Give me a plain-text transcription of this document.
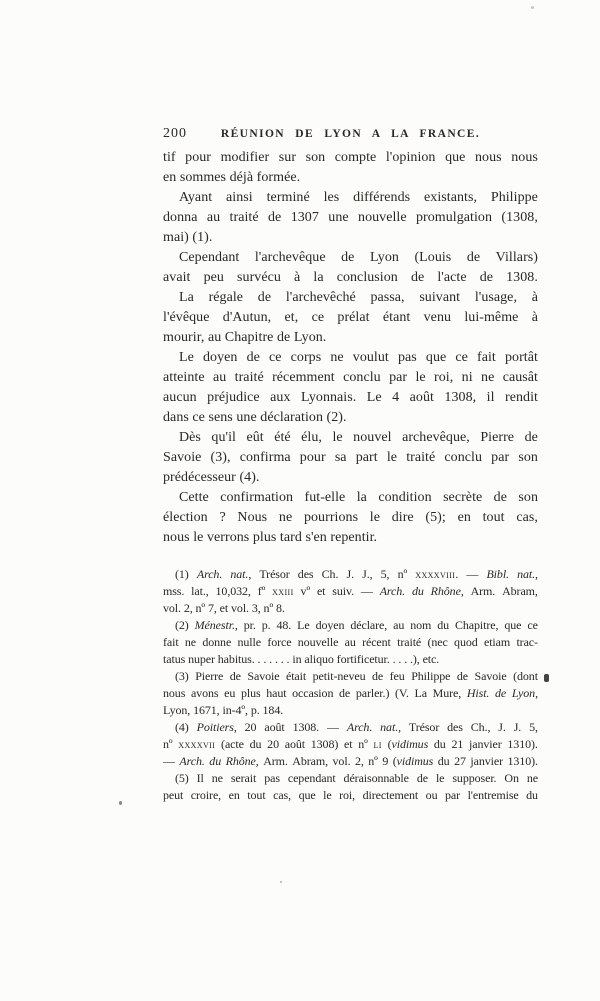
200	RÉUNION DE LYON A LA FRANCE.
tif pour modifier sur son compte l'opinion que nous nous
en sommes déjà formée.
Ayant ainsi terminé les différends existants, Philippe
donna au traité de 1307 une nouvelle promulgation (1308,
mai) (1).
Cependant l'archevêque de Lyon (Louis de Villars)
avait peu survécu à la conclusion de l'acte de 1308.
La régale de l'archevêché passa, suivant l'usage, à
l'évêque d'Autun, et, ce prélat étant venu lui-même à
mourir, au Chapitre de Lyon.
Le doyen de ce corps ne voulut pas que ce fait portât
atteinte au traité récemment conclu par le roi, ni ne causât
aucun préjudice aux Lyonnais. Le 4 août 1308, il rendit
dans ce sens une déclaration (2).
Dès qu'il eût été élu, le nouvel archevêque, Pierre de
Savoie (3), confirma pour sa part le traité conclu par son
prédécesseur (4).
Cette confirmation fut-elle la condition secrète de son
élection ? Nous ne pourrions le dire (5); en tout cas,
nous le verrons plus tard s'en repentir.
(1) Arch. nat., Trésor des Ch. J. J., 5, nº xxxxviii. — Bibl. nat.,
mss. lat., 10,032, fº xxiii vº et suiv. — Arch. du Rhône, Arm. Abram,
vol. 2, nº 7, et vol. 3, nº 8.
(2) Ménestr., pr. p. 48. Le doyen déclare, au nom du Chapitre, que ce
fait ne donne nulle force nouvelle au récent traité (nec quod etiam trac-
tatus nuper habitus. . . . . . . in aliquo fortificetur. . . . .), etc.
(3) Pierre de Savoie était petit-neveu de feu Philippe de Savoie (dont
nous avons eu plus haut occasion de parler.) (V. La Mure, Hist. de Lyon,
Lyon, 1671, in-4º, p. 184.
(4) Poitiers, 20 août 1308. — Arch. nat., Trésor des Ch., J. J. 5,
nº xxxxvii (acte du 20 août 1308) et nº li (vidimus du 21 janvier 1310).
— Arch. du Rhône, Arm. Abram, vol. 2, nº 9 (vidimus du 27 janvier 1310).
(5) Il ne serait pas cependant déraisonnable de le supposer. On ne
peut croire, en tout cas, que le roi, directement ou par l'entremise du
